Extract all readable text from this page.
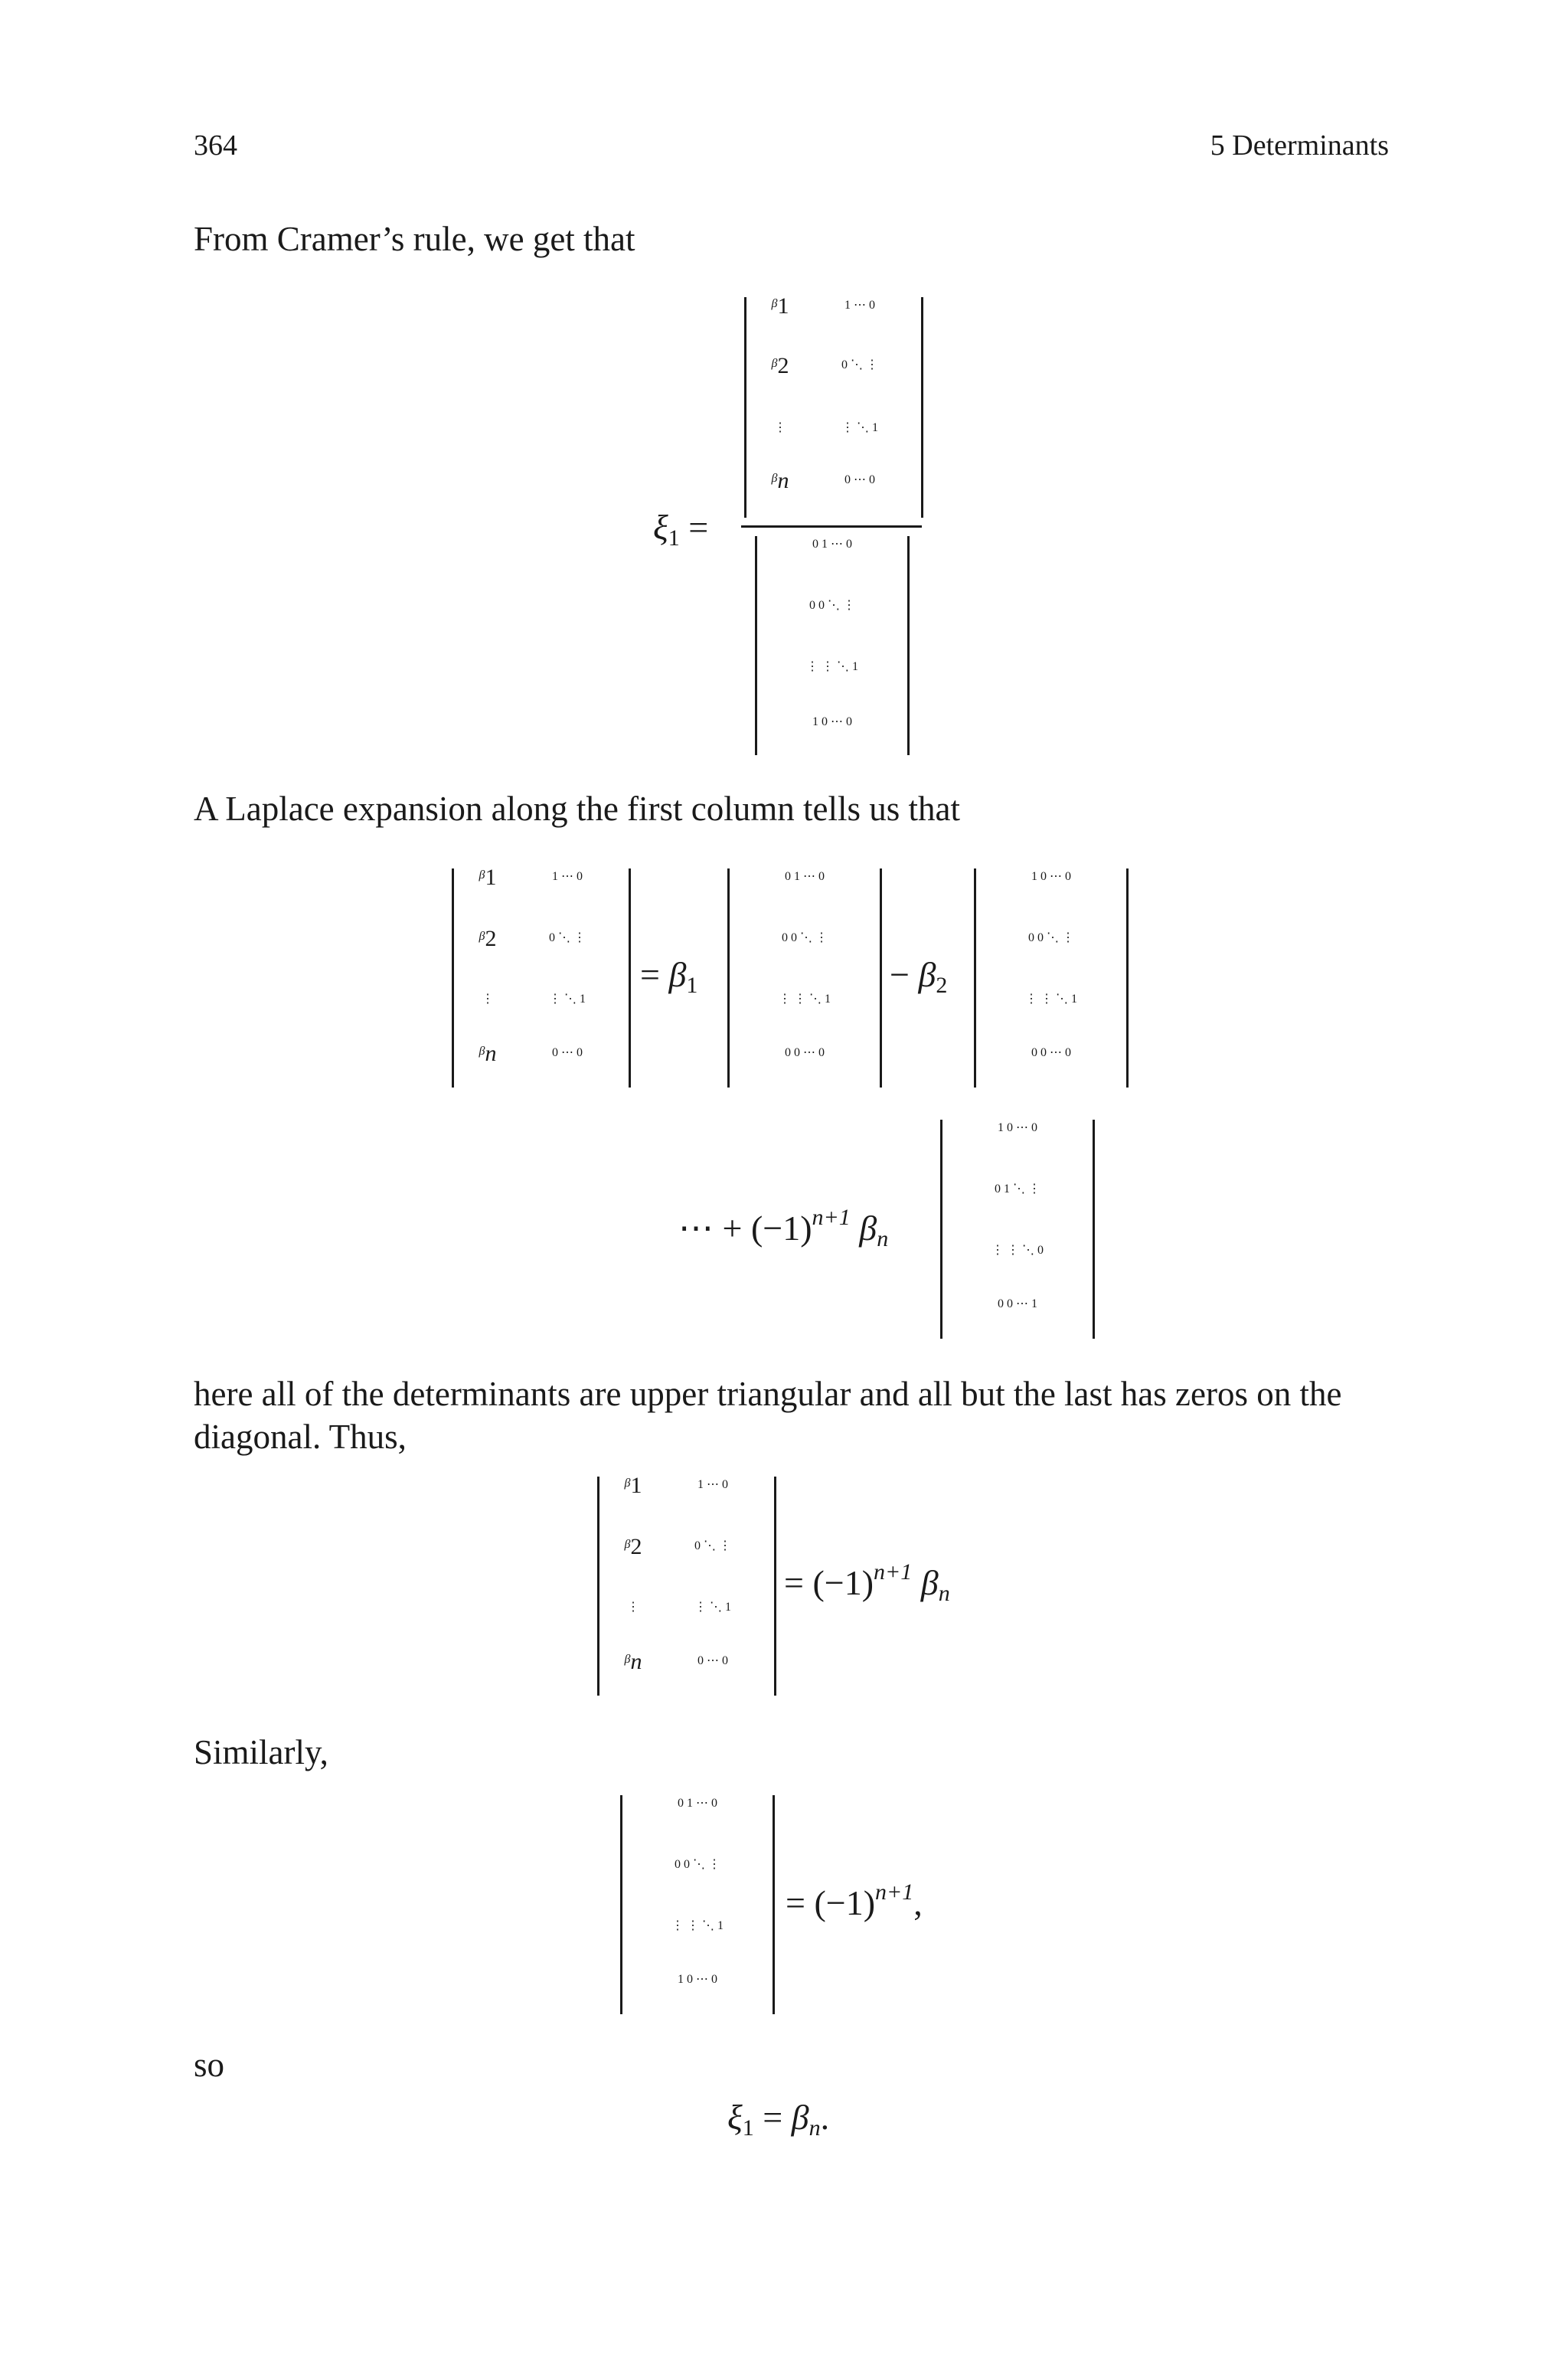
364	5 Determinants
From Cramer’s rule, we get that
$\xi_1$ =
$\beta_1$	1 ⋯ 0
$\beta_2$	0 ⋱ ⋮
⋮	⋮ ⋱ 1
$\beta_n$	0 ⋯ 0
0 1 ⋯ 0
0 0 ⋱ ⋮
⋮ ⋮ ⋱ 1
1 0 ⋯ 0
A Laplace expansion along the first column tells us that
$\beta_1$	1 ⋯ 0
$\beta_2$	0 ⋱ ⋮
⋮	⋮ ⋱ 1
$\beta_n$	0 ⋯ 0
= $\beta_1$
0 1 ⋯ 0
0 0 ⋱ ⋮
⋮ ⋮ ⋱ 1
0 0 ⋯ 0
− $\beta_2$
1 0 ⋯ 0
0 0 ⋱ ⋮
⋮ ⋮ ⋱ 1
0 0 ⋯ 0
⋯ + $(-1)^{n+1}$ $\beta_n$
1 0 ⋯ 0
0 1 ⋱ ⋮
⋮ ⋮ ⋱ 0
0 0 ⋯ 1
here all of the determinants are upper triangular and all but the last has zeros on the
diagonal. Thus,
$\beta_1$	1 ⋯ 0
$\beta_2$	0 ⋱ ⋮
⋮	⋮ ⋱ 1
$\beta_n$	0 ⋯ 0
= $(-1)^{n+1}$ $\beta_n$
Similarly,
0 1 ⋯ 0
0 0 ⋱ ⋮
⋮ ⋮ ⋱ 1
1 0 ⋯ 0
= $(-1)^{n+1}$,
so
$\xi_1 = \beta_n$.
